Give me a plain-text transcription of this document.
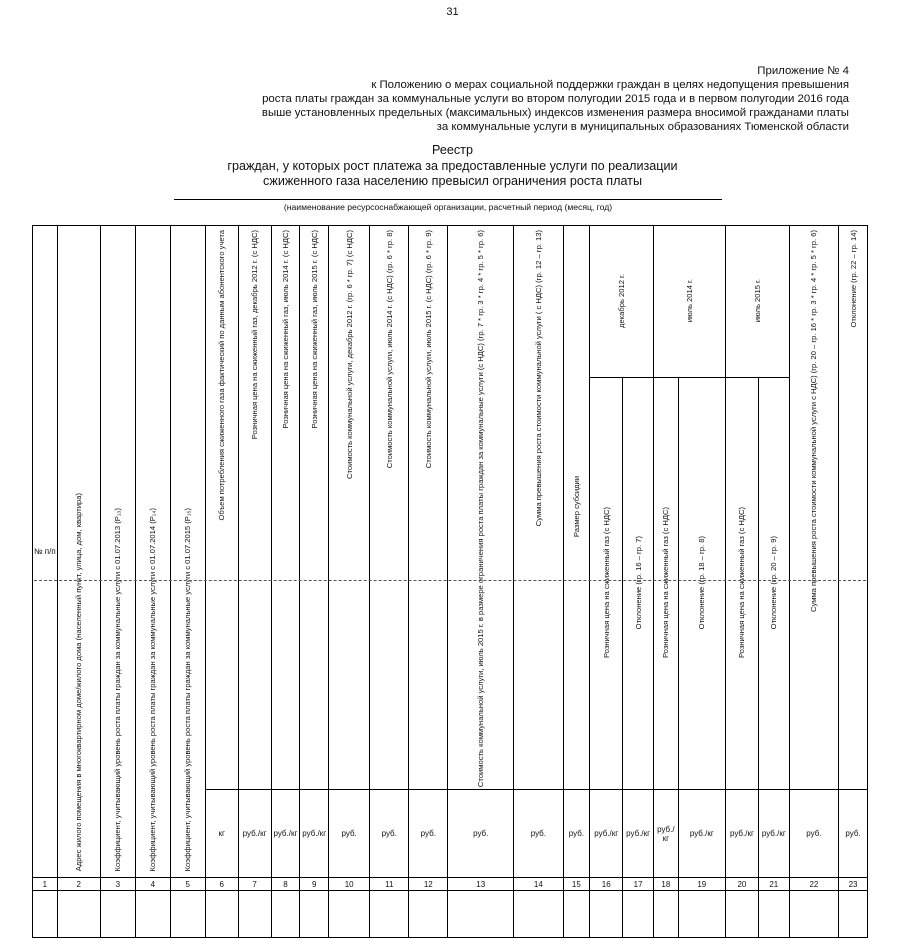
31
Приложение № 4
к Положению о мерах социальной поддержки граждан в целях недопущения превышения
роста платы граждан за коммунальные услуги во втором полугодии 2015 года и в первом полугодии 2016 года
выше установленных предельных (максимальных) индексов изменения размера вносимой гражданами платы
за коммунальные услуги в муниципальных образованиях Тюменской области
Реестр
граждан, у которых рост платежа за предоставленные услуги по реализации
сжиженного газа населению превысил ограничения роста платы
(наименование ресурсоснабжающей организации, расчетный период (месяц, год)
№ п/п	Адрес жилого помещения в многоквартирном доме/жилого дома (населенный пункт, улица, дом, квартира)	Коэффициент, учитывающий уровень роста платы граждан за коммунальные услуги с 01.07.2013 (Р₁₃)	Коэффициент, учитывающий уровень роста платы граждан за коммунальные услуги с 01.07.2014 (Р₁₄)	Коэффициент, учитывающий уровень роста платы граждан за коммунальные услуги с 01.07.2015 (Р₁₅)	Объем потребления сжиженного газа фактический по данным абонентского учета	Розничная цена на сжиженный газ, декабрь 2012 г. (с НДС)	Розничная цена на сжиженный газ, июль 2014 г. (с НДС)	Розничная цена на сжиженный газ, июль 2015 г. (с НДС)	Стоимость коммунальной услуги, декабрь 2012 г. (гр. 6 * гр. 7) (с НДС)	Стоимость коммунальной услуги, июль 2014 г. (с НДС) (гр. 6 * гр. 8)	Стоимость коммунальной услуги, июль 2015 г. (с НДС) (гр. 6 * гр. 9)	Стоимость коммунальной услуги, июль 2015 г. в размере ограничения роста платы граждан за коммунальные услуги (с НДС) (гр. 7 * гр. 3 * гр. 4 * гр. 5 * гр. 6)	Сумма превышения роста стоимости коммунальной услуги ( с НДС) (гр. 12 – гр. 13)	Размер субсидии	декабрь 2012 г.		июль 2014 г.		июль 2015 г.		Сумма превышения роста стоимости коммунальной услуги с НДС) (гр. 20 – гр. 16 * гр. 3 * гр. 4 * гр. 5 * гр. 6)	Отклонение (гр. 22 – гр. 14)
															Розничная цена на сжиженный газ (с НДС)	Отклонение (гр. 16 – гр. 7)	Розничная цена на сжиженный газ (с НДС)	Отклонение (гр. 18 – гр. 8)	Розничная цена на сжиженный газ (с НДС)	Отклонение (гр. 20 – гр. 9)		
					кг	руб./кг	руб./кг	руб./кг	руб.	руб.	руб.	руб.	руб.	руб.	руб./кг	руб./кг	руб./кг	руб./кг	руб./кг	руб./кг	руб.	руб.
1	2	3	4	5	6	7	8	9	10	11	12	13	14	15	16	17	18	19	20	21	22	23
